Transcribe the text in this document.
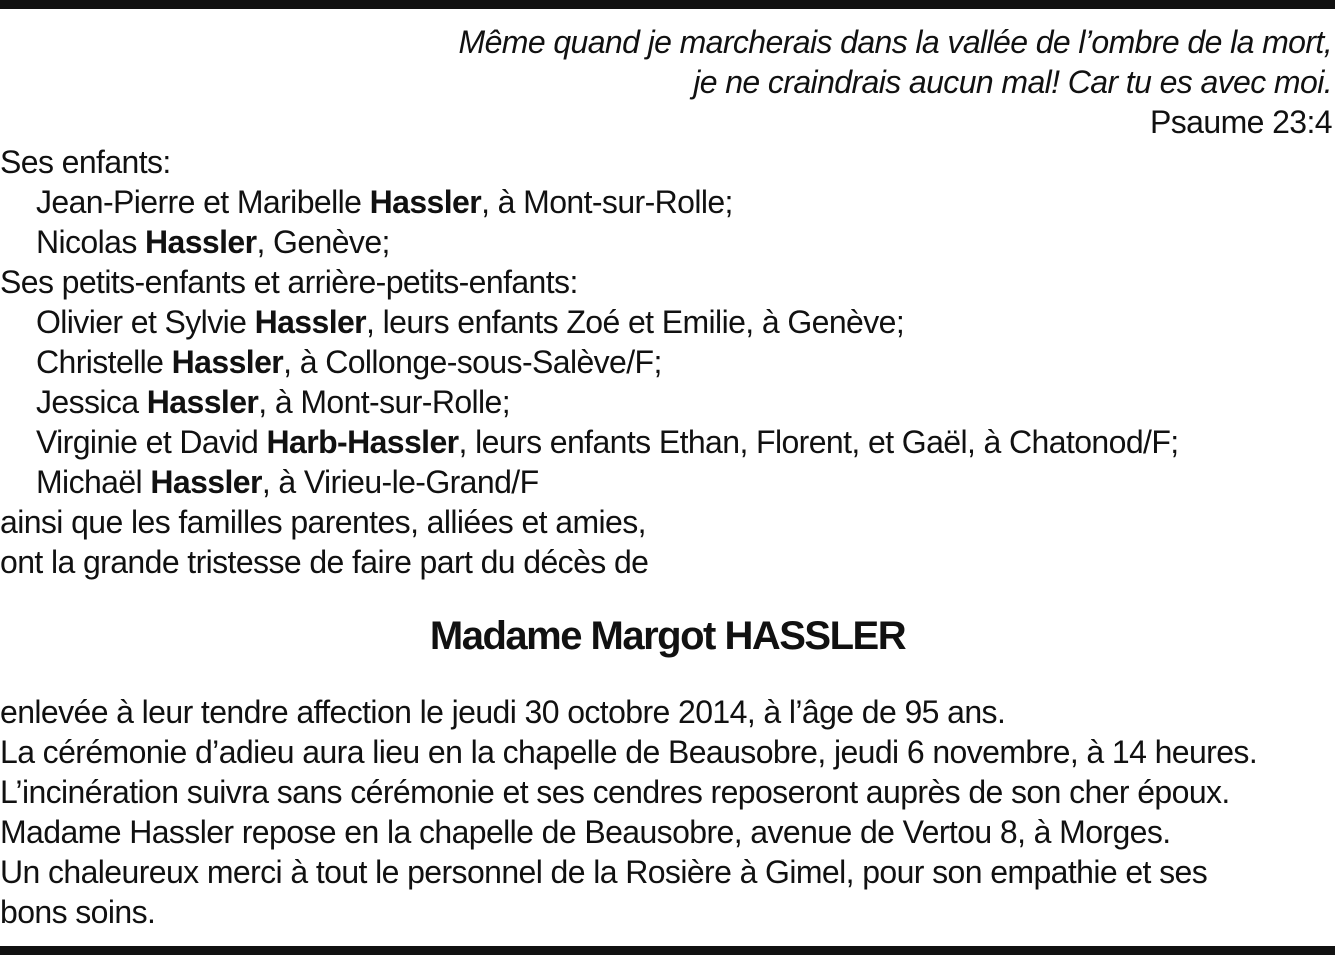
Même quand je marcherais dans la vallée de l’ombre de la mort,
je ne craindrais aucun mal! Car tu es avec moi.
Psaume 23:4
Ses enfants:
Jean-Pierre et Maribelle Hassler, à Mont-sur-Rolle;
Nicolas Hassler, Genève;
Ses petits-enfants et arrière-petits-enfants:
Olivier et Sylvie Hassler, leurs enfants Zoé et Emilie, à Genève;
Christelle Hassler, à Collonge-sous-Salève/F;
Jessica Hassler, à Mont-sur-Rolle;
Virginie et David Harb-Hassler, leurs enfants Ethan, Florent, et Gaël, à Chatonod/F;
Michaël Hassler, à Virieu-le-Grand/F
ainsi que les familles parentes, alliées et amies,
ont la grande tristesse de faire part du décès de
Madame Margot HASSLER
enlevée à leur tendre affection le jeudi 30 octobre 2014, à l’âge de 95 ans.
La cérémonie d’adieu aura lieu en la chapelle de Beausobre, jeudi 6 novembre, à 14 heures.
L’incinération suivra sans cérémonie et ses cendres reposeront auprès de son cher époux.
Madame Hassler repose en la chapelle de Beausobre, avenue de Vertou 8, à Morges.
Un chaleureux merci à tout le personnel de la Rosière à Gimel, pour son empathie et ses
bons soins.
